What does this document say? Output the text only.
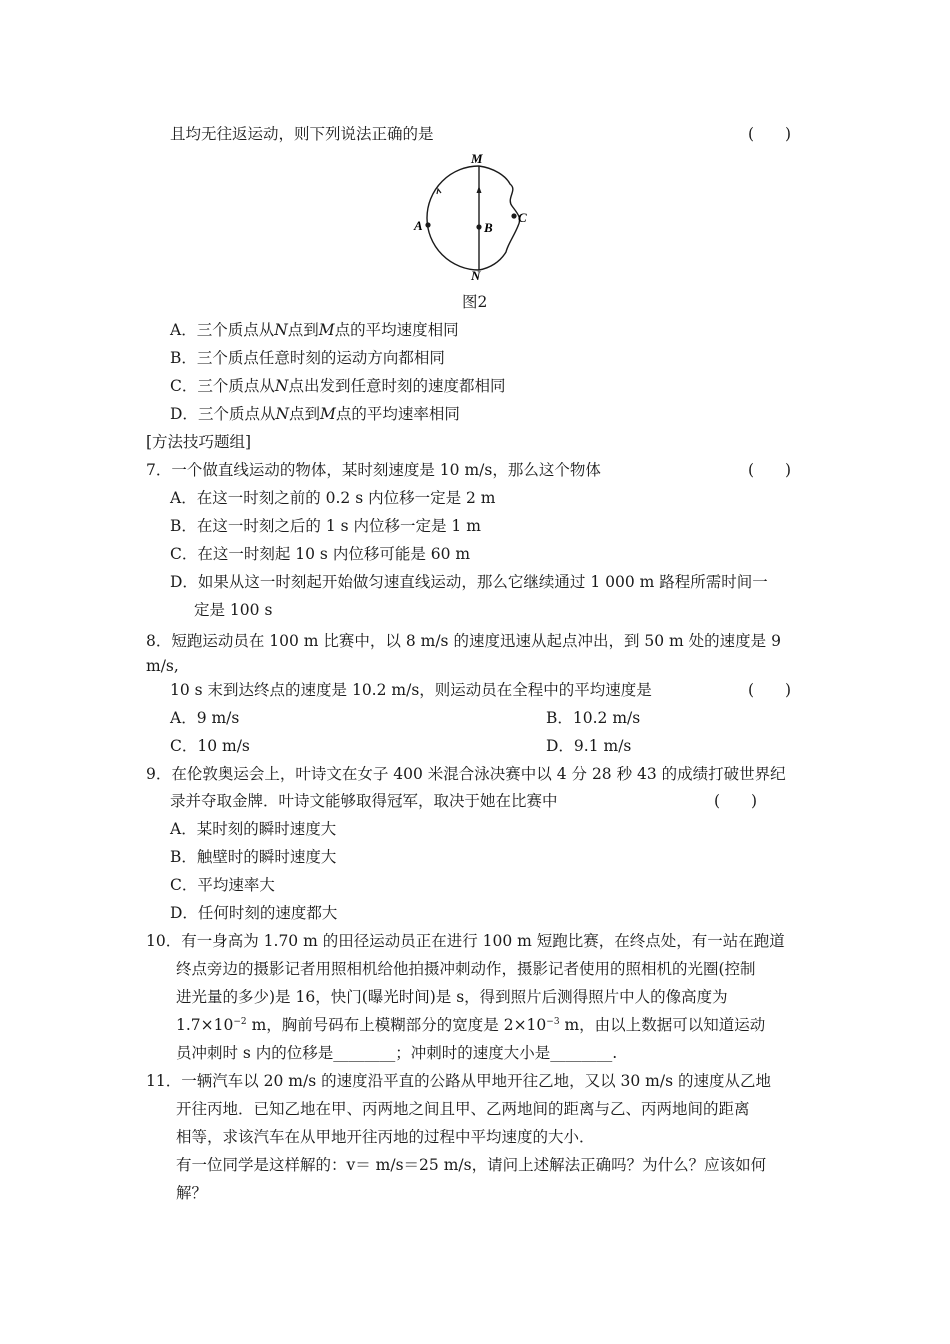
且均无往返运动，则下列说法正确的是	(　　)
M
N
A	B
C
图2
A．三个质点从N点到M点的平均速度相同
B．三个质点任意时刻的运动方向都相同
C．三个质点从N点出发到任意时刻的速度都相同
D．三个质点从N点到M点的平均速率相同
[方法技巧题组]
7．一个做直线运动的物体，某时刻速度是 10 m/s，那么这个物体	(　　)
A．在这一时刻之前的 0.2 s 内位移一定是 2 m
B．在这一时刻之后的 1 s 内位移一定是 1 m
C．在这一时刻起 10 s 内位移可能是 60 m
D．如果从这一时刻起开始做匀速直线运动，那么它继续通过 1 000 m 路程所需时间一
定是 100 s
8．短跑运动员在 100 m 比赛中，以 8 m/s 的速度迅速从起点冲出，到 50 m 处的速度是 9
m/s,
10 s 末到达终点的速度是 10.2 m/s，则运动员在全程中的平均速度是	(　　)
A．9 m/s	B．10.2 m/s
C．10 m/s	D．9.1 m/s
9．在伦敦奥运会上，叶诗文在女子 400 米混合泳决赛中以 4 分 28 秒 43 的成绩打破世界纪
录并夺取金牌．叶诗文能够取得冠军，取决于她在比赛中	(　　)
A．某时刻的瞬时速度大
B．触壁时的瞬时速度大
C．平均速率大
D．任何时刻的速度都大
10．有一身高为 1.70 m 的田径运动员正在进行 100 m 短跑比赛，在终点处，有一站在跑道
终点旁边的摄影记者用照相机给他拍摄冲刺动作，摄影记者使用的照相机的光圈(控制
进光量的多少)是 16，快门(曝光时间)是 s，得到照片后测得照片中人的像高度为
$1.7\times 10^{-2}$ m，胸前号码布上模糊部分的宽度是 $2\times 10^{-3}$ m，由以上数据可以知道运动
员冲刺时 s 内的位移是________；冲刺时的速度大小是________.
11．一辆汽车以 20 m/s 的速度沿平直的公路从甲地开往乙地，又以 30 m/s 的速度从乙地
开往丙地．已知乙地在甲、丙两地之间且甲、乙两地间的距离与乙、丙两地间的距离
相等，求该汽车在从甲地开往丙地的过程中平均速度的大小．
有一位同学是这样解的：v＝ m/s＝25 m/s，请问上述解法正确吗？为什么？应该如何
解？
